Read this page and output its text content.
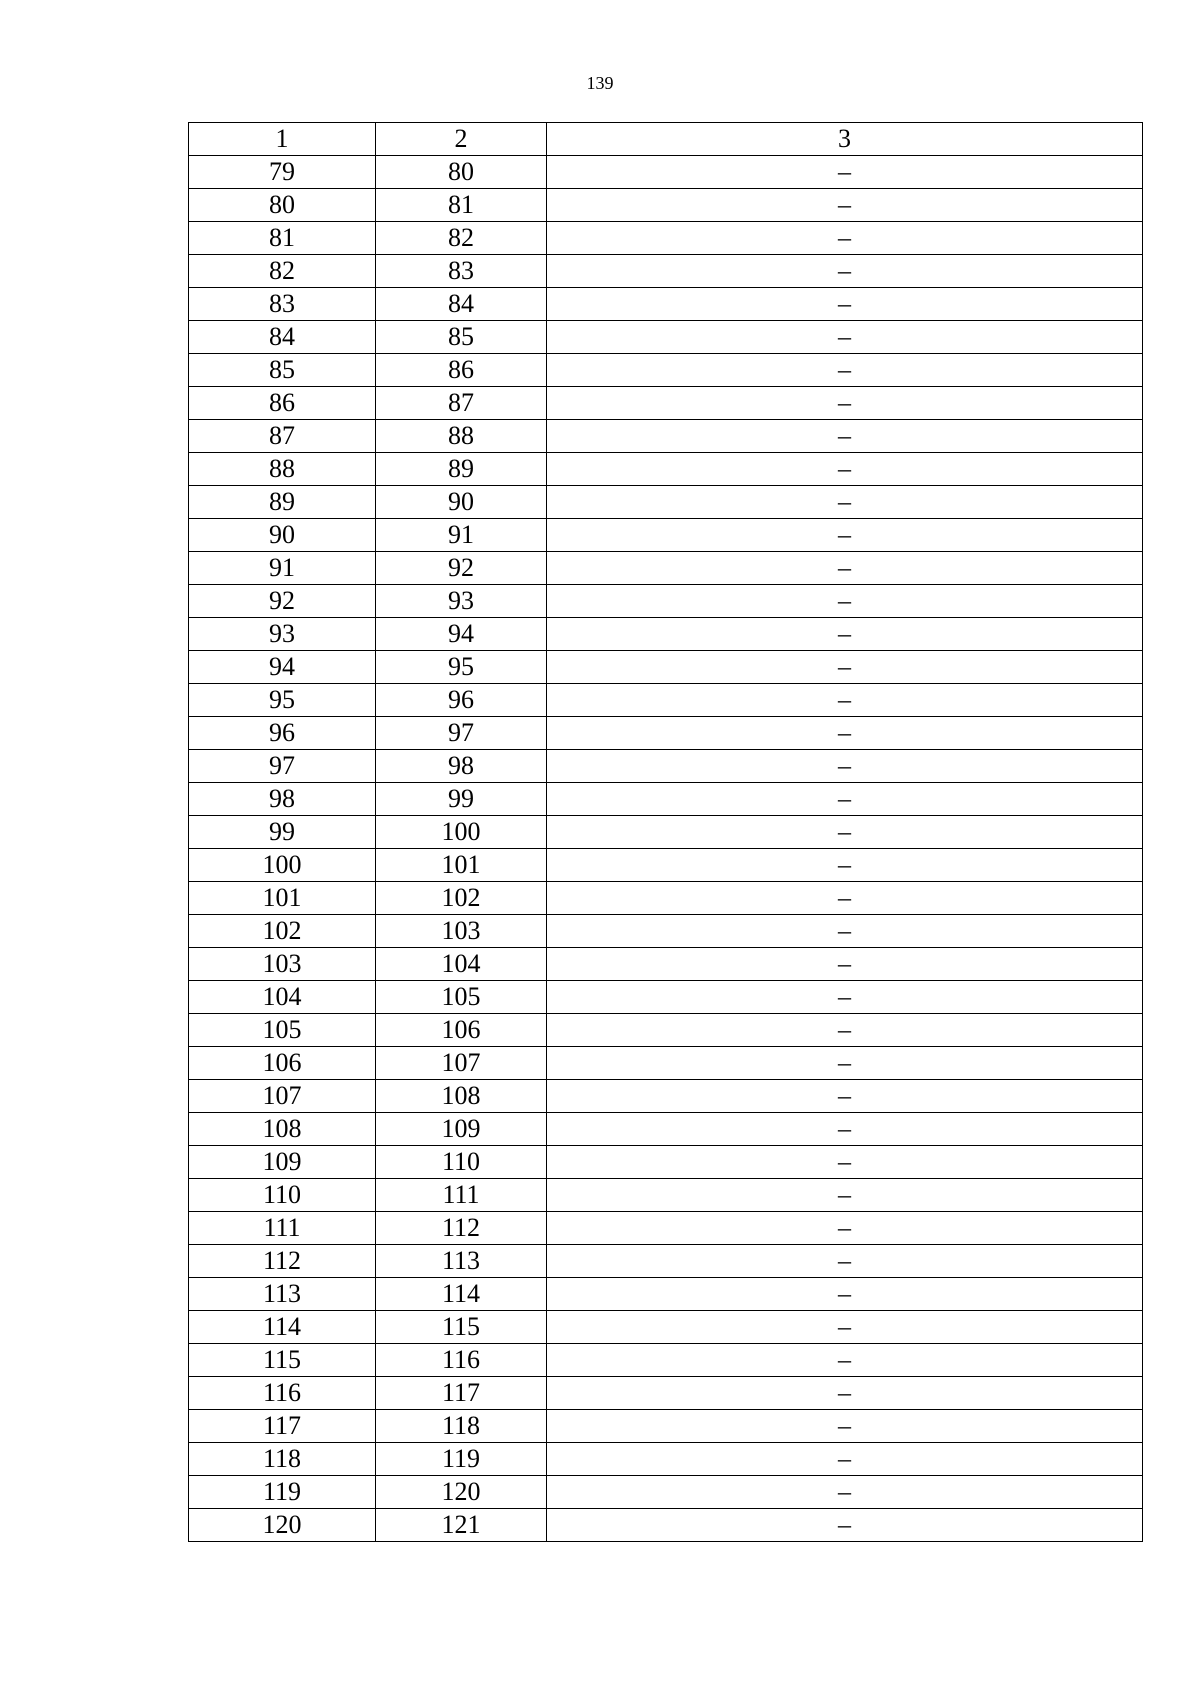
139
1	2	3
79	80	–
80	81	–
81	82	–
82	83	–
83	84	–
84	85	–
85	86	–
86	87	–
87	88	–
88	89	–
89	90	–
90	91	–
91	92	–
92	93	–
93	94	–
94	95	–
95	96	–
96	97	–
97	98	–
98	99	–
99	100	–
100	101	–
101	102	–
102	103	–
103	104	–
104	105	–
105	106	–
106	107	–
107	108	–
108	109	–
109	110	–
110	111	–
111	112	–
112	113	–
113	114	–
114	115	–
115	116	–
116	117	–
117	118	–
118	119	–
119	120	–
120	121	–
